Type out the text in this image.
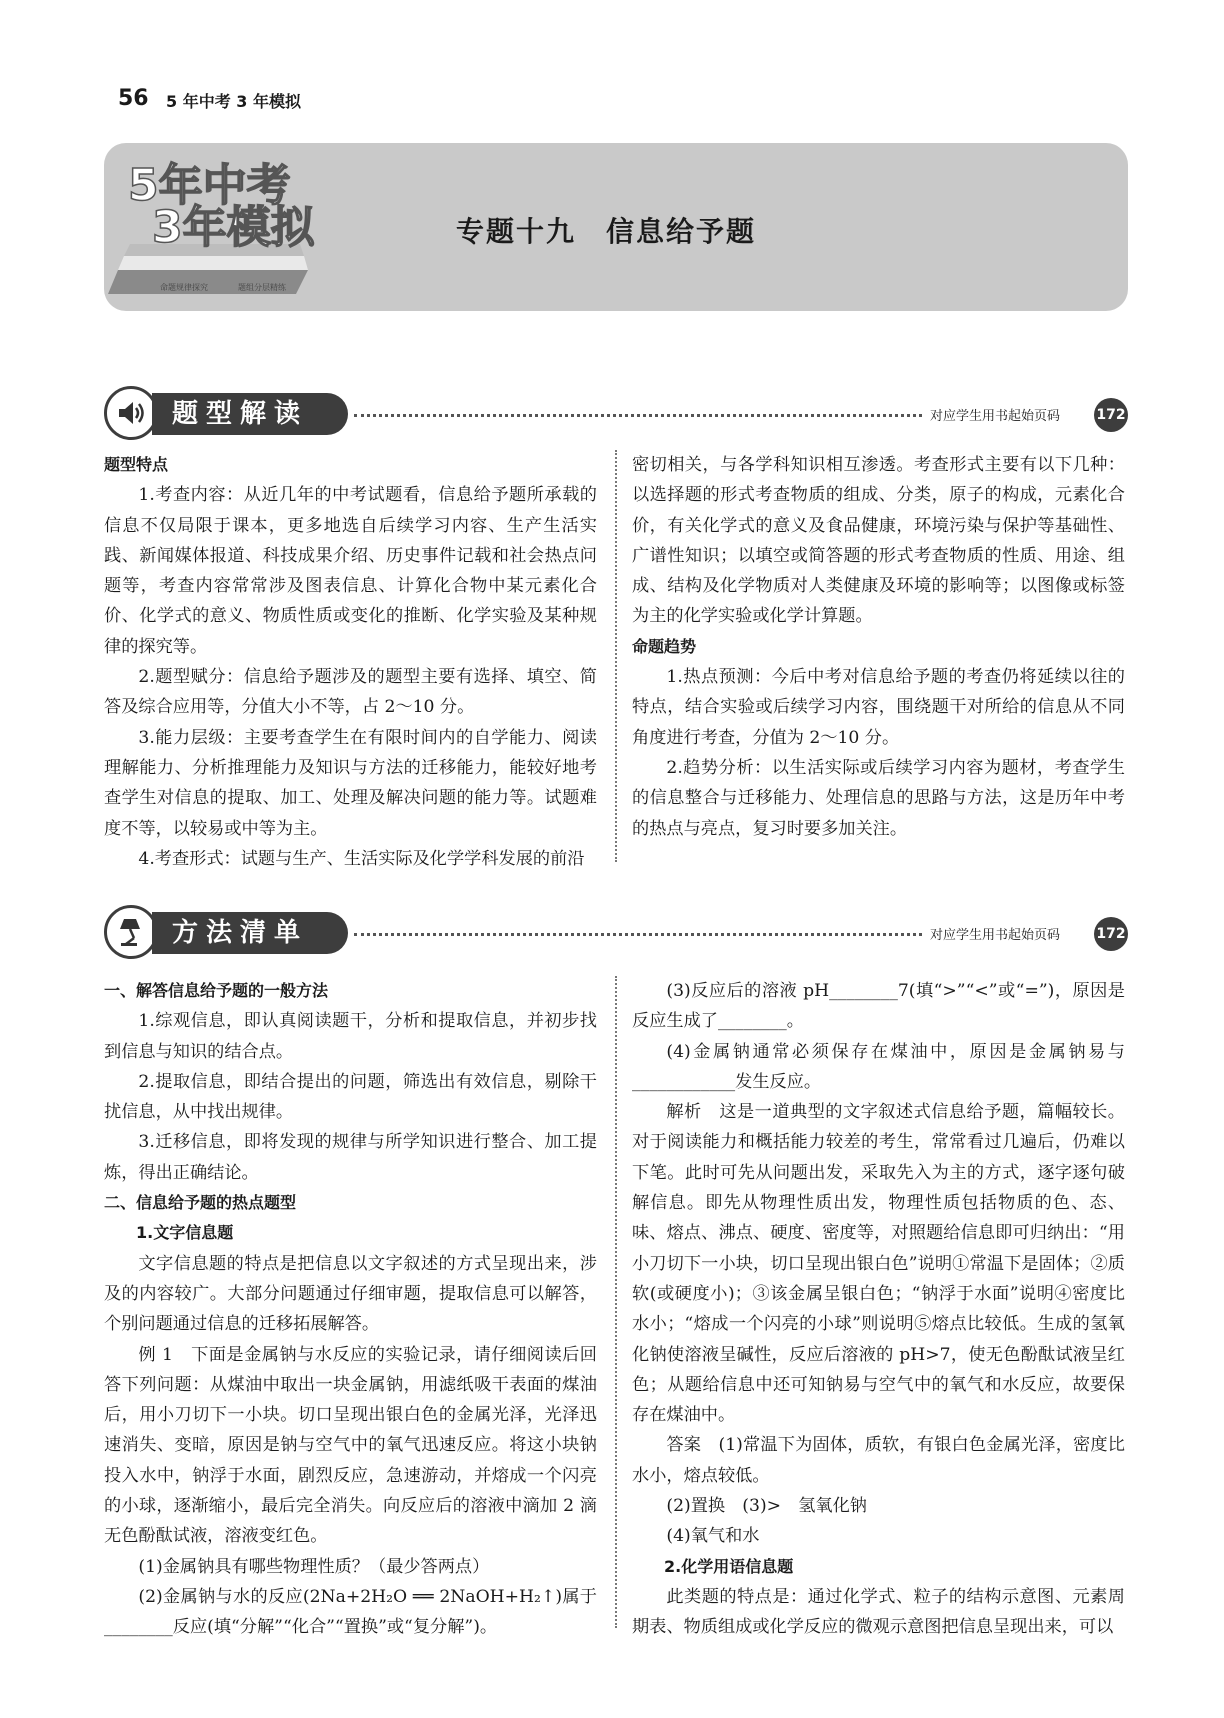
56 5 年中考 3 年模拟
5年中考
3年模拟
命题规律探究	题组分层精练
专题十九　信息给予题
题型解读	对应学生用书起始页码	172

题型特点

1.考查内容：从近几年的中考试题看，信息给予题所承载的信息不仅局限于课本，更多地选自后续学习内容、生产生活实践、新闻媒体报道、科技成果介绍、历史事件记载和社会热点问题等，考查内容常常涉及图表信息、计算化合物中某元素化合价、化学式的意义、物质性质或变化的推断、化学实验及某种规律的探究等。

2.题型赋分：信息给予题涉及的题型主要有选择、填空、简答及综合应用等，分值大小不等，占 2～10 分。

3.能力层级：主要考查学生在有限时间内的自学能力、阅读理解能力、分析推理能力及知识与方法的迁移能力，能较好地考查学生对信息的提取、加工、处理及解决问题的能力等。试题难度不等，以较易或中等为主。

4.考查形式：试题与生产、生活实际及化学学科发展的前沿

密切相关，与各学科知识相互渗透。考查形式主要有以下几种：以选择题的形式考查物质的组成、分类，原子的构成，元素化合价，有关化学式的意义及食品健康，环境污染与保护等基础性、广谱性知识；以填空或简答题的形式考查物质的性质、用途、组成、结构及化学物质对人类健康及环境的影响等；以图像或标签为主的化学实验或化学计算题。

命题趋势

1.热点预测：今后中考对信息给予题的考查仍将延续以往的特点，结合实验或后续学习内容，围绕题干对所给的信息从不同角度进行考查，分值为 2～10 分。

2.趋势分析：以生活实际或后续学习内容为题材，考查学生的信息整合与迁移能力、处理信息的思路与方法，这是历年中考的热点与亮点，复习时要多加关注。

方法清单	对应学生用书起始页码	172

一、解答信息给予题的一般方法

1.综观信息，即认真阅读题干，分析和提取信息，并初步找到信息与知识的结合点。

2.提取信息，即结合提出的问题，筛选出有效信息，剔除干扰信息，从中找出规律。

3.迁移信息，即将发现的规律与所学知识进行整合、加工提炼，得出正确结论。

二、信息给予题的热点题型

1.文字信息题

文字信息题的特点是把信息以文字叙述的方式呈现出来，涉及的内容较广。大部分问题通过仔细审题，提取信息可以解答，个别问题通过信息的迁移拓展解答。

例 1　下面是金属钠与水反应的实验记录，请仔细阅读后回答下列问题：从煤油中取出一块金属钠，用滤纸吸干表面的煤油后，用小刀切下一小块。切口呈现出银白色的金属光泽，光泽迅速消失、变暗，原因是钠与空气中的氧气迅速反应。将这小块钠投入水中，钠浮于水面，剧烈反应，急速游动，并熔成一个闪亮的小球，逐渐缩小，最后完全消失。向反应后的溶液中滴加 2 滴无色酚酞试液，溶液变红色。

(1)金属钠具有哪些物理性质？（最少答两点）

(2)金属钠与水的反应(2Na+2H₂O ══ 2NaOH+H₂↑)属于________反应(填“分解”“化合”“置换”或“复分解”)。

(3)反应后的溶液 pH________7(填“>”“<”或“=”)，原因是反应生成了________。

(4)金属钠通常必须保存在煤油中，原因是金属钠易与____________发生反应。

解析　这是一道典型的文字叙述式信息给予题，篇幅较长。对于阅读能力和概括能力较差的考生，常常看过几遍后，仍难以下笔。此时可先从问题出发，采取先入为主的方式，逐字逐句破解信息。即先从物理性质出发，物理性质包括物质的色、态、味、熔点、沸点、硬度、密度等，对照题给信息即可归纳出：“用小刀切下一小块，切口呈现出银白色”说明①常温下是固体；②质软(或硬度小)；③该金属呈银白色；“钠浮于水面”说明④密度比水小；“熔成一个闪亮的小球”则说明⑤熔点比较低。生成的氢氧化钠使溶液呈碱性，反应后溶液的 pH>7，使无色酚酞试液呈红色；从题给信息中还可知钠易与空气中的氧气和水反应，故要保存在煤油中。

答案　(1)常温下为固体，质软，有银白色金属光泽，密度比水小，熔点较低。

(2)置换　(3)>　氢氧化钠

(4)氧气和水

2.化学用语信息题

此类题的特点是：通过化学式、粒子的结构示意图、元素周期表、物质组成或化学反应的微观示意图把信息呈现出来，可以
